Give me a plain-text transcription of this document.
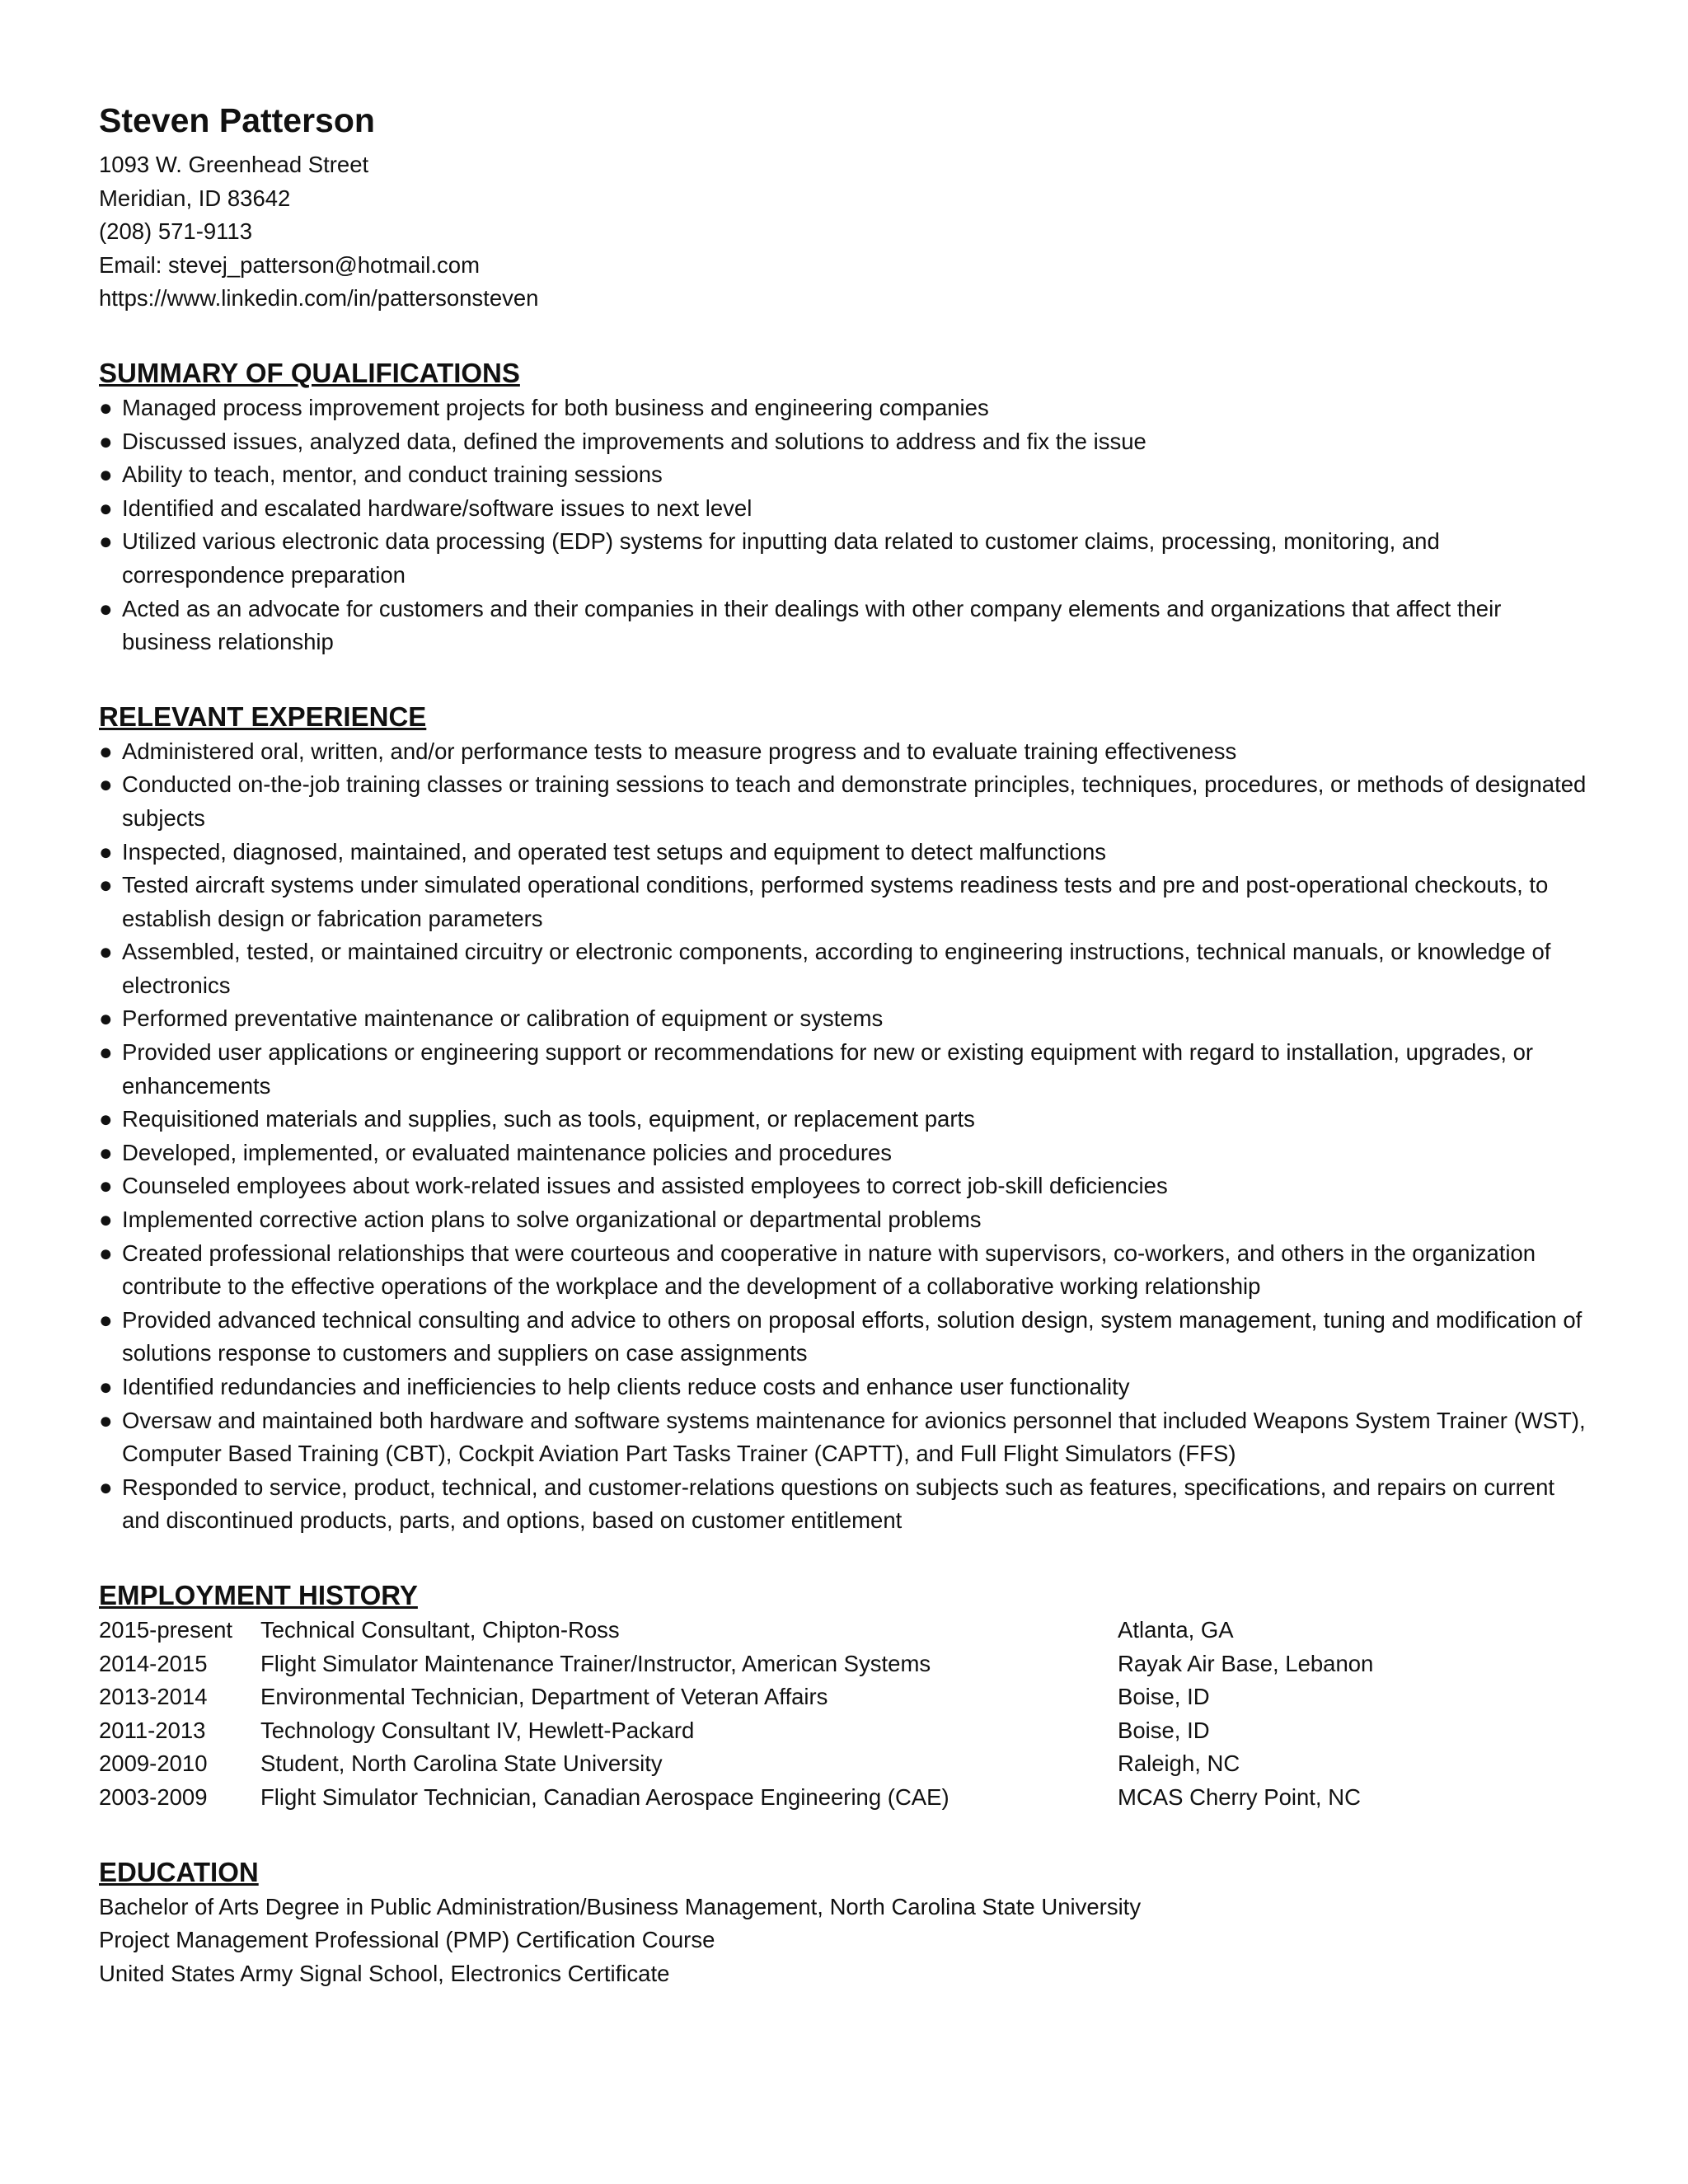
Steven Patterson
1093 W. Greenhead Street
Meridian, ID 83642
(208) 571-9113
Email: stevej_patterson@hotmail.com
https://www.linkedin.com/in/pattersonsteven
SUMMARY OF QUALIFICATIONS
● Managed process improvement projects for both business and engineering companies
● Discussed issues, analyzed data, defined the improvements and solutions to address and fix the issue
● Ability to teach, mentor, and conduct training sessions
● Identified and escalated hardware/software issues to next level
● Utilized various electronic data processing (EDP) systems for inputting data related to customer claims, processing, monitoring, and correspondence preparation
● Acted as an advocate for customers and their companies in their dealings with other company elements and organizations that affect their business relationship
RELEVANT EXPERIENCE
● Administered oral, written, and/or performance tests to measure progress and to evaluate training effectiveness
● Conducted on-the-job training classes or training sessions to teach and demonstrate principles, techniques, procedures, or methods of designated subjects
● Inspected, diagnosed, maintained, and operated test setups and equipment to detect malfunctions
● Tested aircraft systems under simulated operational conditions, performed systems readiness tests and pre and post-operational checkouts, to establish design or fabrication parameters
● Assembled, tested, or maintained circuitry or electronic components, according to engineering instructions, technical manuals, or knowledge of electronics
● Performed preventative maintenance or calibration of equipment or systems
● Provided user applications or engineering support or recommendations for new or existing equipment with regard to installation, upgrades, or enhancements
● Requisitioned materials and supplies, such as tools, equipment, or replacement parts
● Developed, implemented, or evaluated maintenance policies and procedures
● Counseled employees about work-related issues and assisted employees to correct job-skill deficiencies
● Implemented corrective action plans to solve organizational or departmental problems
● Created professional relationships that were courteous and cooperative in nature with supervisors, co-workers, and others in the organization contribute to the effective operations of the workplace and the development of a collaborative working relationship
● Provided advanced technical consulting and advice to others on proposal efforts, solution design, system management, tuning and modification of solutions response to customers and suppliers on case assignments
● Identified redundancies and inefficiencies to help clients reduce costs and enhance user functionality
● Oversaw and maintained both hardware and software systems maintenance for avionics personnel that included Weapons System Trainer (WST), Computer Based Training (CBT), Cockpit Aviation Part Tasks Trainer (CAPTT), and Full Flight Simulators (FFS)
● Responded to service, product, technical, and customer-relations questions on subjects such as features, specifications, and repairs on current and discontinued products, parts, and options, based on customer entitlement
EMPLOYMENT HISTORY
2015-present	Technical Consultant, Chipton-Ross	Atlanta, GA
2014-2015	Flight Simulator Maintenance Trainer/Instructor, American Systems	Rayak Air Base, Lebanon
2013-2014	Environmental Technician, Department of Veteran Affairs	Boise, ID
2011-2013	Technology Consultant IV, Hewlett-Packard	Boise, ID
2009-2010	Student, North Carolina State University	Raleigh, NC
2003-2009	Flight Simulator Technician, Canadian Aerospace Engineering (CAE)	MCAS Cherry Point, NC
EDUCATION
Bachelor of Arts Degree in Public Administration/Business Management, North Carolina State University
Project Management Professional (PMP) Certification Course
United States Army Signal School, Electronics Certificate
